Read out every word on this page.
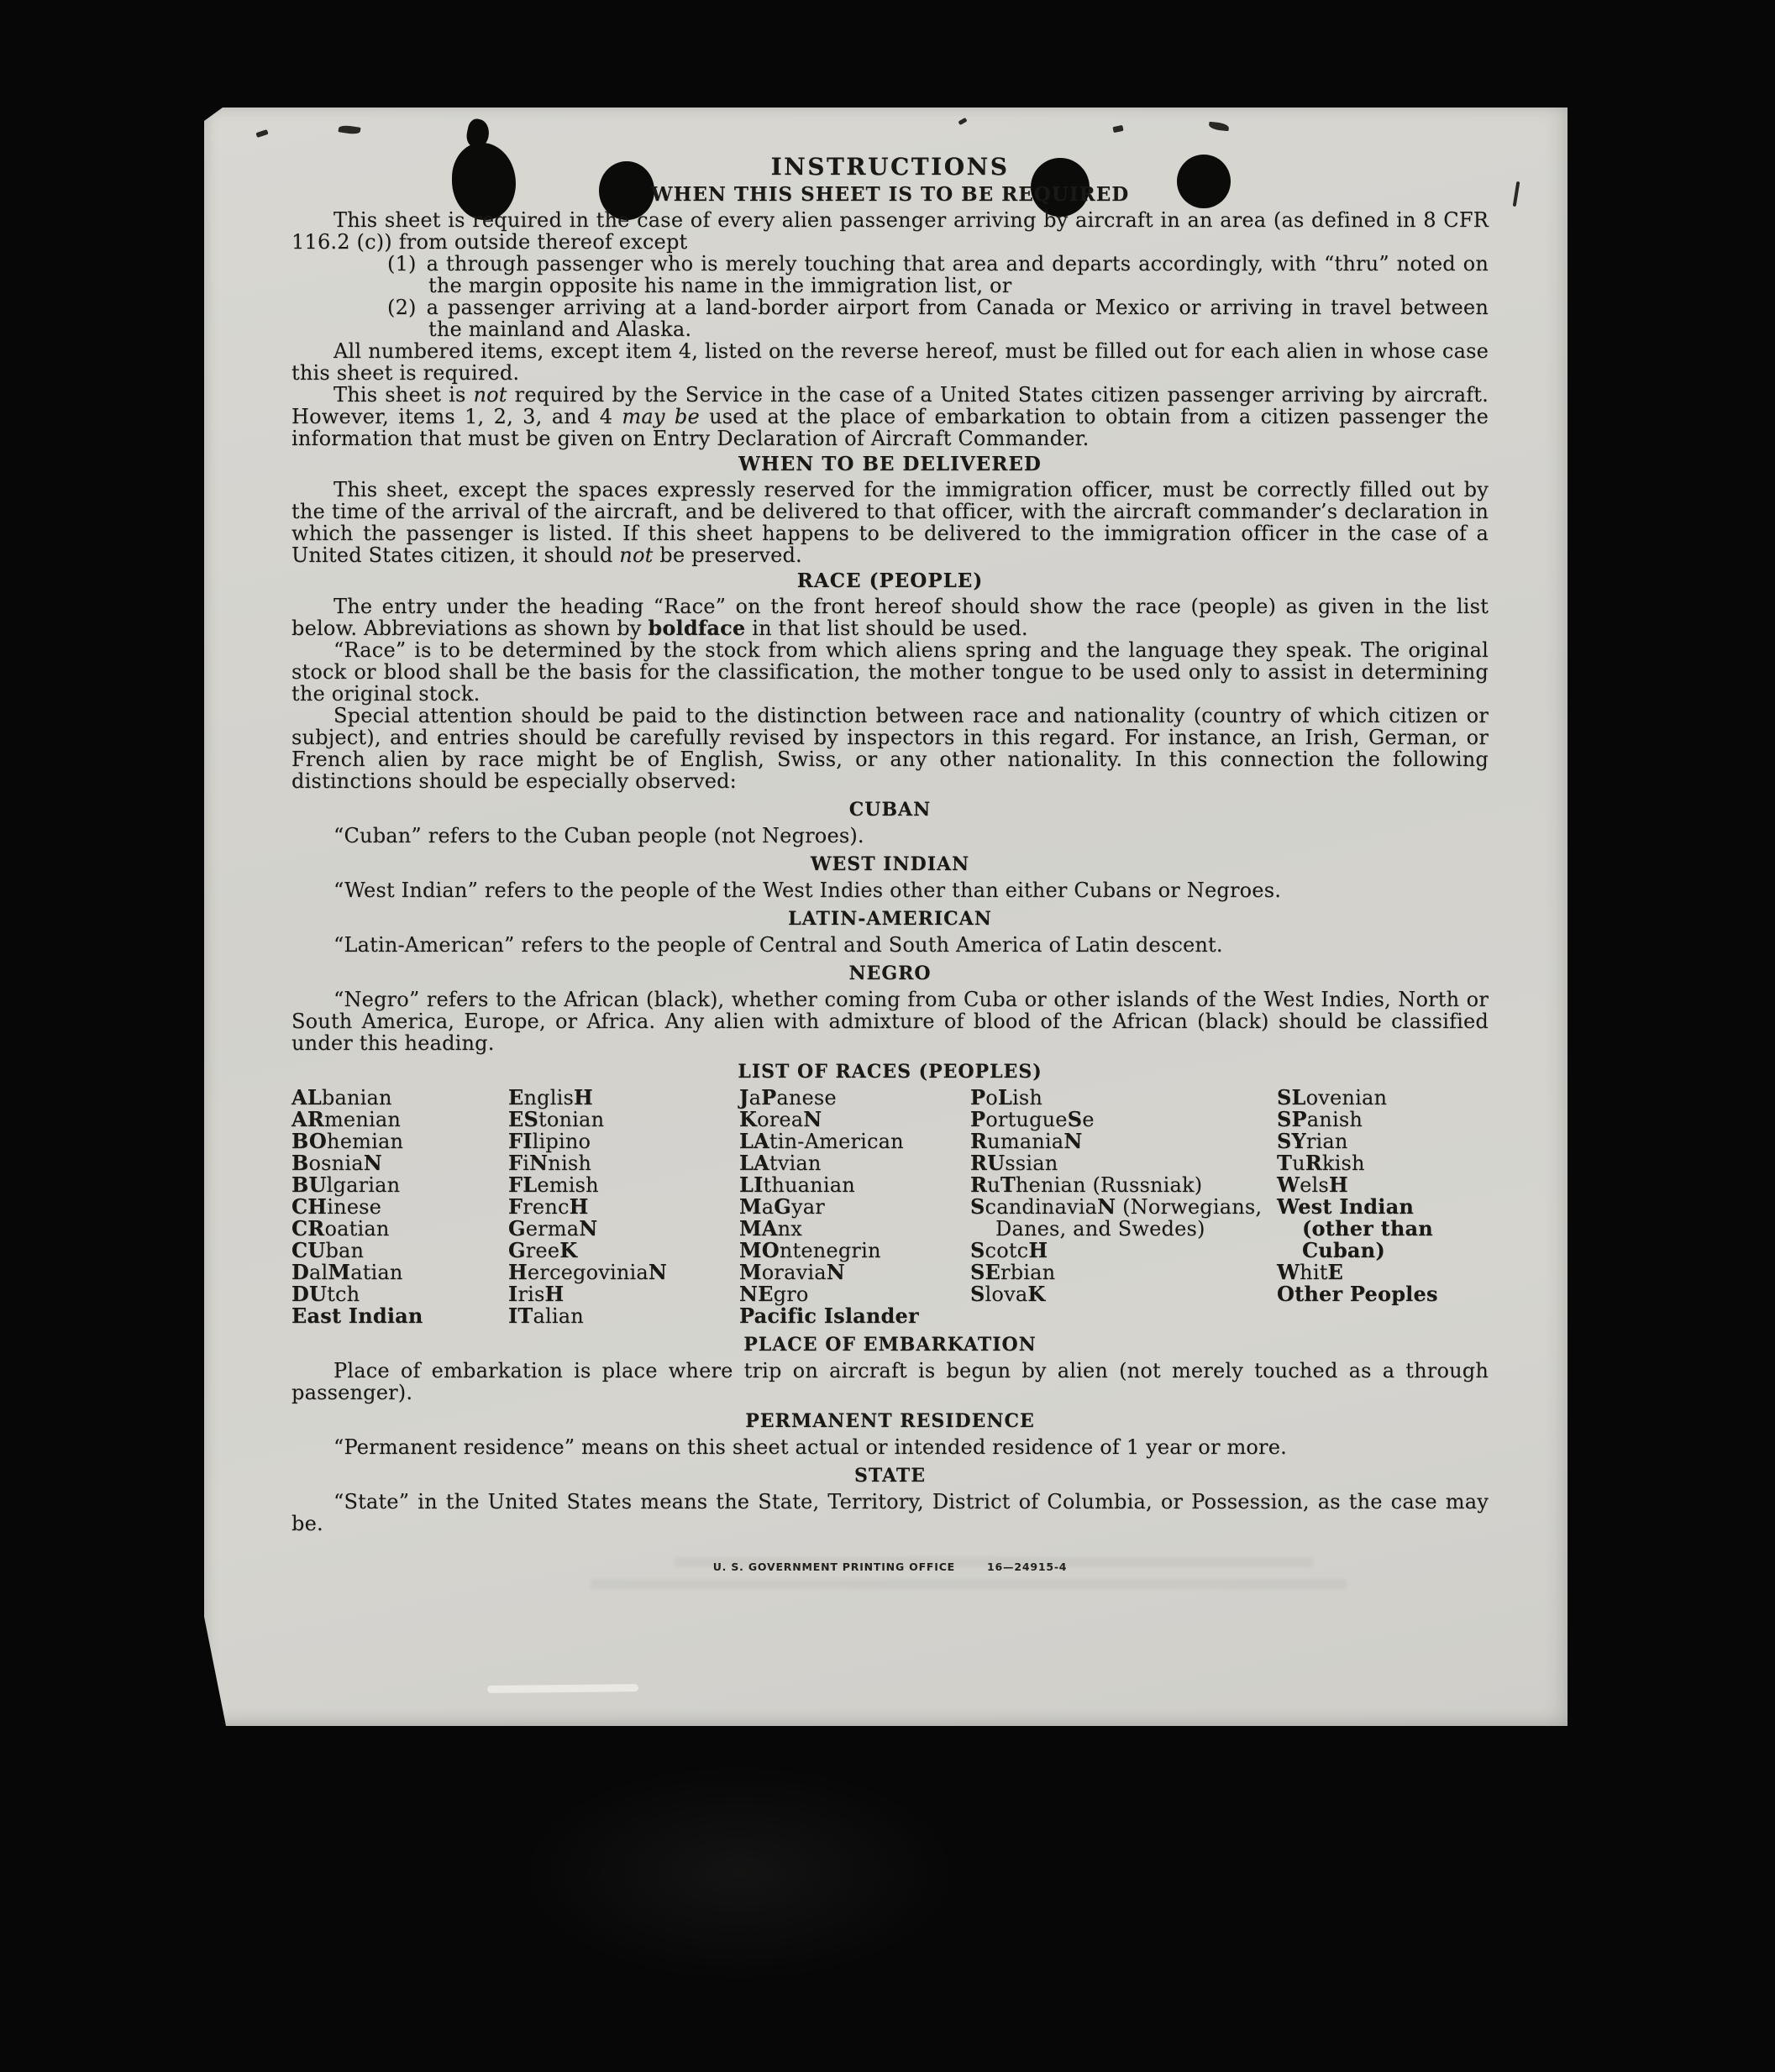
INSTRUCTIONS
WHEN THIS SHEET IS TO BE REQUIRED

This sheet is required in the case of every alien passenger arriving by aircraft in an area (as defined in 8 CFR 116.2 (c)) from outside thereof except

(1) a through passenger who is merely touching that area and departs accordingly, with “thru” noted on the margin opposite his name in the immigration list, or

(2) a passenger arriving at a land-border airport from Canada or Mexico or arriving in travel between the mainland and Alaska.

All numbered items, except item 4, listed on the reverse hereof, must be filled out for each alien in whose case this sheet is required.

This sheet is not required by the Service in the case of a United States citizen passenger arriving by aircraft. However, items 1, 2, 3, and 4 may be used at the place of embarkation to obtain from a citizen passenger the information that must be given on Entry Declaration of Aircraft Commander.

WHEN TO BE DELIVERED

This sheet, except the spaces expressly reserved for the immigration officer, must be correctly filled out by the time of the arrival of the aircraft, and be delivered to that officer, with the aircraft commander’s declaration in which the passenger is listed. If this sheet happens to be delivered to the immigration officer in the case of a United States citizen, it should not be preserved.

RACE (PEOPLE)

The entry under the heading “Race” on the front hereof should show the race (people) as given in the list below. Abbreviations as shown by boldface in that list should be used.

“Race” is to be determined by the stock from which aliens spring and the language they speak. The original stock or blood shall be the basis for the classification, the mother tongue to be used only to assist in determining the original stock.

Special attention should be paid to the distinction between race and nationality (country of which citizen or subject), and entries should be carefully revised by inspectors in this regard. For instance, an Irish, German, or French alien by race might be of English, Swiss, or any other nationality. In this connection the following distinctions should be especially observed:

CUBAN

“Cuban” refers to the Cuban people (not Negroes).

WEST INDIAN

“West Indian” refers to the people of the West Indies other than either Cubans or Negroes.

LATIN-AMERICAN

“Latin-American” refers to the people of Central and South America of Latin descent.

NEGRO

“Negro” refers to the African (black), whether coming from Cuba or other islands of the West Indies, North or South America, Europe, or Africa. Any alien with admixture of blood of the African (black) should be classified under this heading.

LIST OF RACES (PEOPLES)
ALbanian
ARmenian
BOhemian
BosniaN
BUlgarian
CHinese
CRoatian
CUban
DalMatian
DUtch
East Indian
EnglisH
EStonian
FIlipino
FiNnish
FLemish
FrencH
GermaN
GreeK
HercegoviniaN
IrisH
ITalian
JaPanese
KoreaN
LAtin-American
LAtvian
LIthuanian
MaGyar
MAnx
MOntenegrin
MoraviaN
NEgro
Pacific Islander
PoLish
PortugueSe
RumaniaN
RUssian
RuThenian (Russniak)
ScandinaviaN (Norwegians, Danes, and Swedes)
ScotcH
SErbian
SlovaK
SLovenian
SPanish
SYrian
TuRkish
WelsH
West Indian (other than Cuban)
WhitE
Other Peoples
PLACE OF EMBARKATION

Place of embarkation is place where trip on aircraft is begun by alien (not merely touched as a through passenger).

PERMANENT RESIDENCE

“Permanent residence” means on this sheet actual or intended residence of 1 year or more.

STATE

“State” in the United States means the State, Territory, District of Columbia, or Possession, as the case may be.

U. S. GOVERNMENT PRINTING OFFICE	16—24915-4
